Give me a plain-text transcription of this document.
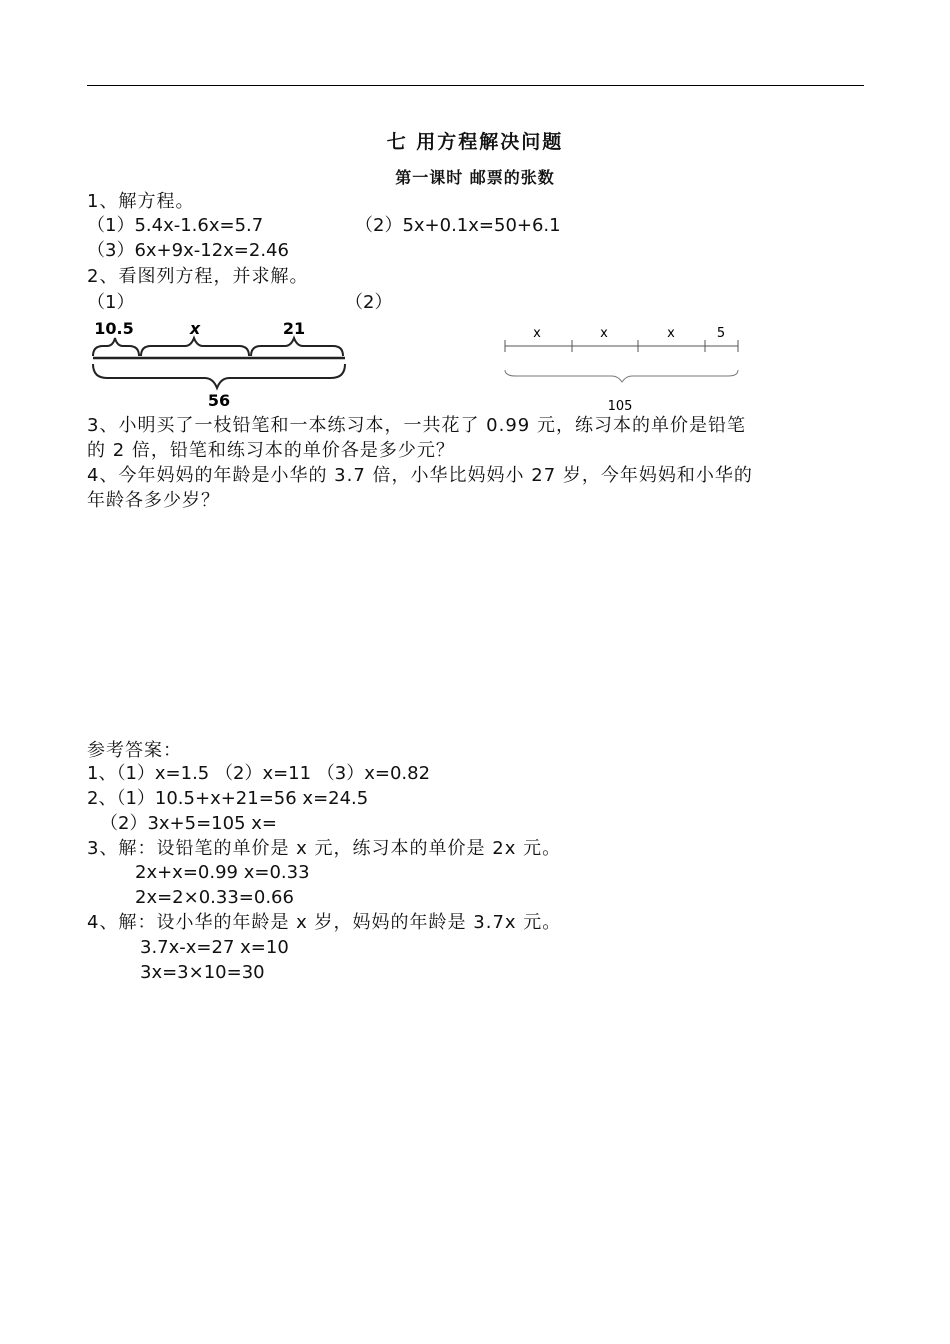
七 用方程解决问题
第一课时 邮票的张数
1、解方程。
（1）5.4x-1.6x=5.7	（2）5x+0.1x=50+6.1
（3）6x+9x-12x=2.46
2、看图列方程，并求解。
（1）	（2）
10.5	x	21
56
x	x	x	5
105
3、小明买了一枝铅笔和一本练习本，一共花了 0.99 元，练习本的单价是铅笔
的 2 倍，铅笔和练习本的单价各是多少元？
4、今年妈妈的年龄是小华的 3.7 倍，小华比妈妈小 27 岁，今年妈妈和小华的
年龄各多少岁？
参考答案：
1、（1）x=1.5 （2）x=11 （3）x=0.82
2、（1）10.5+x+21=56 x=24.5
（2）3x+5=105 x=
3、解：设铅笔的单价是 x 元，练习本的单价是 2x 元。
2x+x=0.99 x=0.33
2x=2×0.33=0.66
4、解：设小华的年龄是 x 岁，妈妈的年龄是 3.7x 元。
3.7x-x=27 x=10
3x=3×10=30
